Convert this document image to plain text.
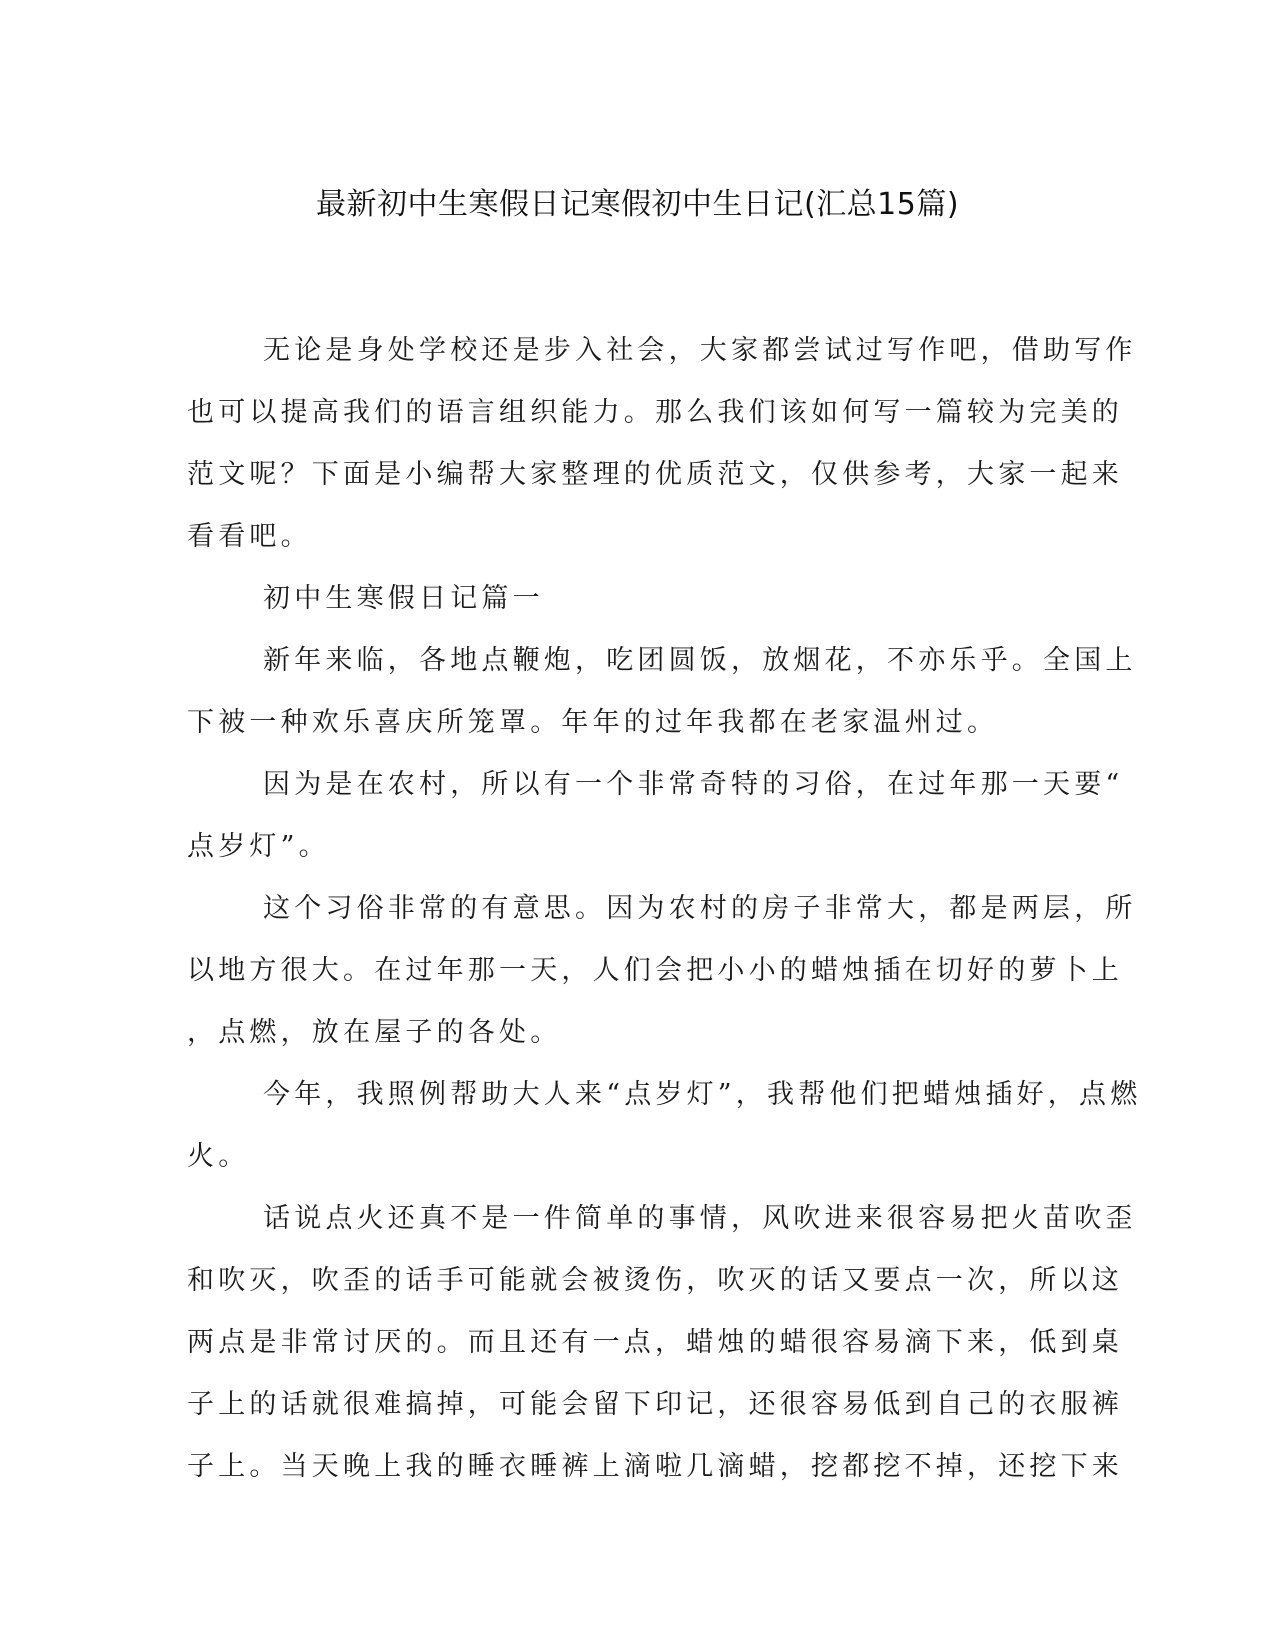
最新初中生寒假日记寒假初中生日记(汇总15篇)
无论是身处学校还是步入社会，大家都尝试过写作吧，借助写作
也可以提高我们的语言组织能力。那么我们该如何写一篇较为完美的
范文呢？下面是小编帮大家整理的优质范文，仅供参考，大家一起来
看看吧。
初中生寒假日记篇一
新年来临，各地点鞭炮，吃团圆饭，放烟花，不亦乐乎。全国上
下被一种欢乐喜庆所笼罩。年年的过年我都在老家温州过。
因为是在农村，所以有一个非常奇特的习俗，在过年那一天要“
点岁灯”。
这个习俗非常的有意思。因为农村的房子非常大，都是两层，所
以地方很大。在过年那一天，人们会把小小的蜡烛插在切好的萝卜上
，点燃，放在屋子的各处。
今年，我照例帮助大人来“点岁灯”，我帮他们把蜡烛插好，点燃
火。
话说点火还真不是一件简单的事情，风吹进来很容易把火苗吹歪
和吹灭，吹歪的话手可能就会被烫伤，吹灭的话又要点一次，所以这
两点是非常讨厌的。而且还有一点，蜡烛的蜡很容易滴下来，低到桌
子上的话就很难搞掉，可能会留下印记，还很容易低到自己的衣服裤
子上。当天晚上我的睡衣睡裤上滴啦几滴蜡，挖都挖不掉，还挖下来
